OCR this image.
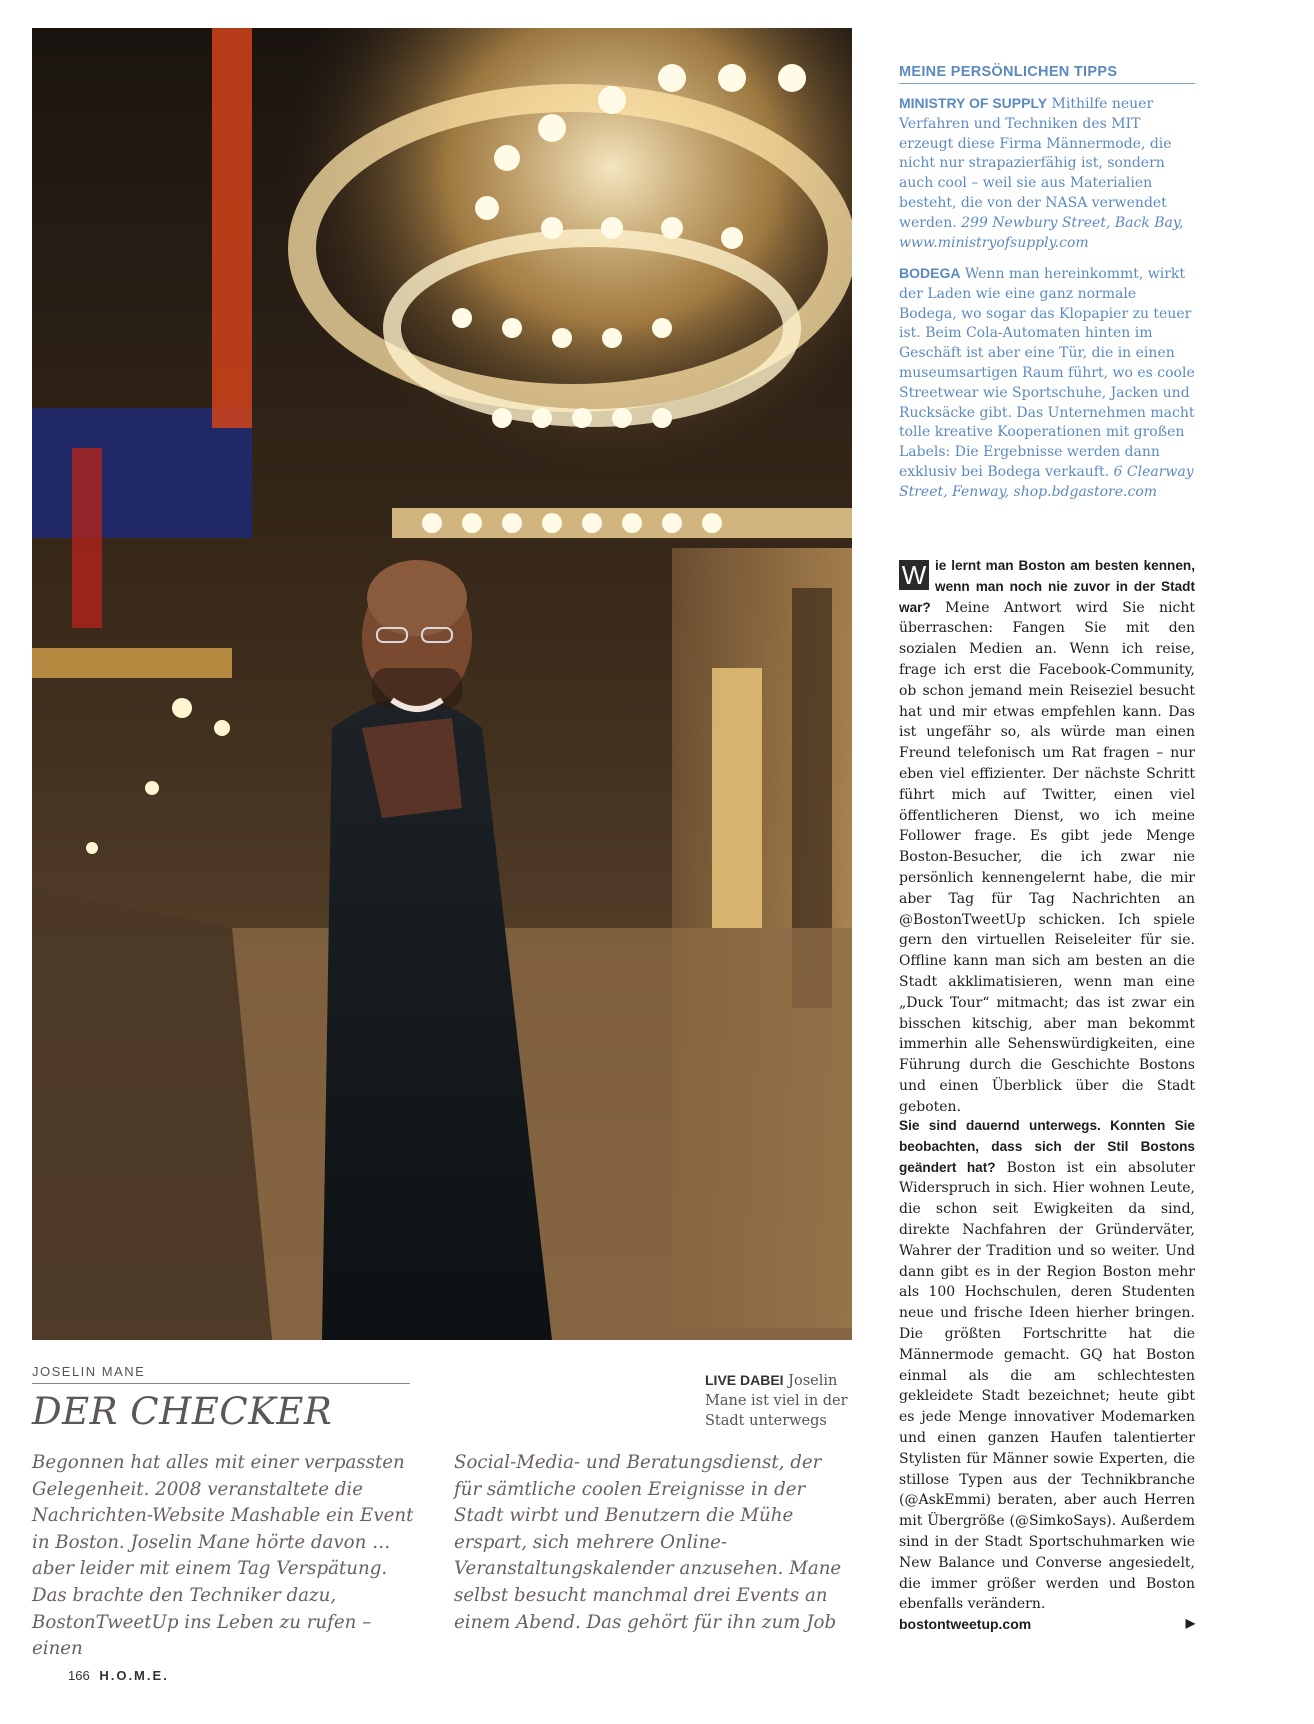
JOSELIN MANE
DER CHECKER

Begonnen hat alles mit einer verpassten Gelegenheit. 2008 veranstaltete die Nachrichten-Website Mashable ein Event in Boston. Joselin Mane hörte davon … aber leider mit einem Tag Verspätung. Das brachte den Techniker dazu, BostonTweetUp ins Leben zu rufen – einen

Social-Media- und Beratungsdienst, der für sämtliche coolen Ereignisse in der Stadt wirbt und Benutzern die Mühe erspart, sich mehrere Online-Veranstaltungskalender anzusehen. Mane selbst besucht manchmal drei Events an einem Abend. Das gehört für ihn zum Job

LIVE DABEI Joselin Mane ist viel in der Stadt unterwegs
MEINE PERSÖNLICHEN TIPPS

MINISTRY OF SUPPLY Mithilfe neuer Verfahren und Techniken des MIT erzeugt diese Firma Männermode, die nicht nur strapazierfähig ist, sondern auch cool – weil sie aus Materialien besteht, die von der NASA verwendet werden. 299 Newbury Street, Back Bay, www.ministryofsupply.com

BODEGA Wenn man hereinkommt, wirkt der Laden wie eine ganz normale Bodega, wo sogar das Klopapier zu teuer ist. Beim Cola-Automaten hinten im Geschäft ist aber eine Tür, die in einen museumsartigen Raum führt, wo es coole Streetwear wie Sportschuhe, Jacken und Rucksäcke gibt. Das Unternehmen macht tolle kreative Kooperationen mit großen Labels: Die Ergebnisse werden dann exklusiv bei Bodega verkauft. 6 Clearway Street, Fenway, shop.bdgastore.com

W ie lernt man Boston am besten kennen, wenn man noch nie zuvor in der Stadt war? Meine Antwort wird Sie nicht überraschen: Fangen Sie mit den sozialen Medien an. Wenn ich reise, frage ich erst die Facebook-Community, ob schon jemand mein Reiseziel besucht hat und mir etwas empfehlen kann. Das ist ungefähr so, als würde man einen Freund telefonisch um Rat fragen – nur eben viel effizienter. Der nächste Schritt führt mich auf Twitter, einen viel öffentlicheren Dienst, wo ich meine Follower frage. Es gibt jede Menge Boston-Besucher, die ich zwar nie persönlich kennengelernt habe, die mir aber Tag für Tag Nachrichten an @BostonTweetUp schicken. Ich spiele gern den virtuellen Reiseleiter für sie. Offline kann man sich am besten an die Stadt akklimatisieren, wenn man eine „Duck Tour“ mitmacht; das ist zwar ein bisschen kitschig, aber man bekommt immerhin alle Sehenswürdigkeiten, eine Führung durch die Geschichte Bostons und einen Überblick über die Stadt geboten.

Sie sind dauernd unterwegs. Konnten Sie beobachten, dass sich der Stil Bostons geändert hat? Boston ist ein absoluter Widerspruch in sich. Hier wohnen Leute, die schon seit Ewigkeiten da sind, direkte Nachfahren der Gründerväter, Wahrer der Tradition und so weiter. Und dann gibt es in der Region Boston mehr als 100 Hochschulen, deren Studenten neue und frische Ideen hierher bringen. Die größten Fortschritte hat die Männermode gemacht. GQ hat Boston einmal als die am schlechtesten gekleidete Stadt bezeichnet; heute gibt es jede Menge innovativer Modemarken und einen ganzen Haufen talentierter Stylisten für Männer sowie Experten, die stillose Typen aus der Technikbranche (@AskEmmi) beraten, aber auch Herren mit Übergröße (@SimkoSays). Außerdem sind in der Stadt Sportschuhmarken wie New Balance und Converse angesiedelt, die immer größer werden und Boston ebenfalls verändern.

bostontweetup.com	▶
166 H.O.M.E.
